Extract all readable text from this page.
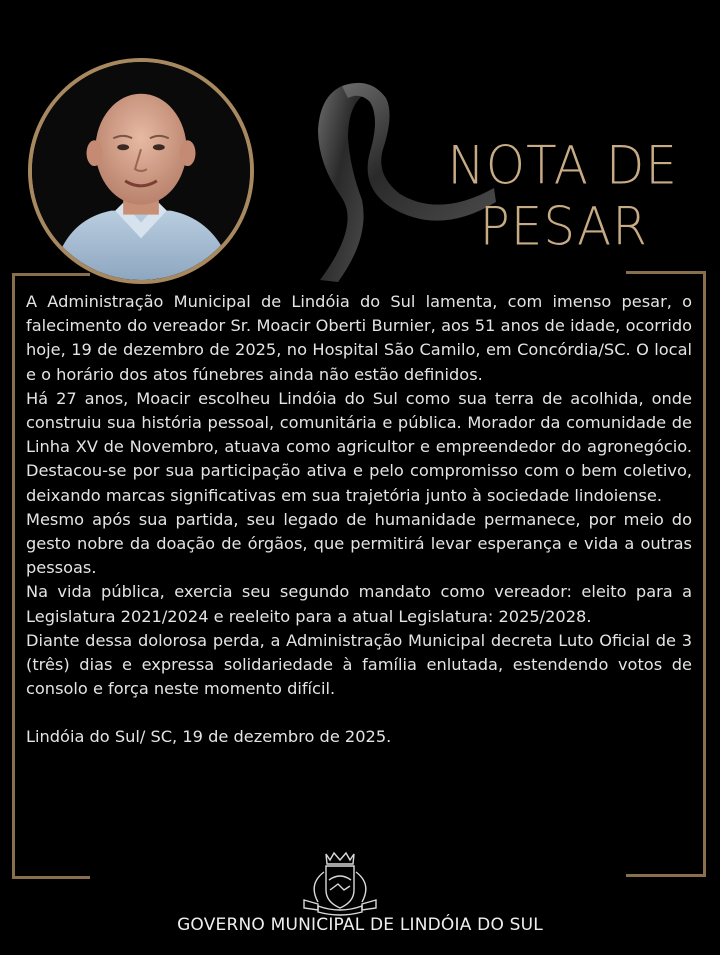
NOTA DE
PESAR

A Administração Municipal de Lindóia do Sul lamenta, com imenso pesar, o falecimento do vereador Sr. Moacir Oberti Burnier, aos 51 anos de idade, ocorrido hoje, 19 de dezembro de 2025, no Hospital São Camilo, em Concórdia/SC. O local e o horário dos atos fúnebres ainda não estão definidos.

Há 27 anos, Moacir escolheu Lindóia do Sul como sua terra de acolhida, onde construiu sua história pessoal, comunitária e pública. Morador da comunidade de Linha XV de Novembro, atuava como agricultor e empreendedor do agronegócio. Destacou-se por sua participação ativa e pelo compromisso com o bem coletivo, deixando marcas significativas em sua trajetória junto à sociedade lindoiense.

Mesmo após sua partida, seu legado de humanidade permanece, por meio do gesto nobre da doação de órgãos, que permitirá levar esperança e vida a outras pessoas.

Na vida pública, exercia seu segundo mandato como vereador: eleito para a Legislatura 2021/2024 e reeleito para a atual Legislatura: 2025/2028.

Diante dessa dolorosa perda, a Administração Municipal decreta Luto Oficial de 3 (três) dias e expressa solidariedade à família enlutada, estendendo votos de consolo e força neste momento difícil.

Lindóia do Sul/ SC, 19 de dezembro de 2025.

GOVERNO MUNICIPAL DE LINDÓIA DO SUL
